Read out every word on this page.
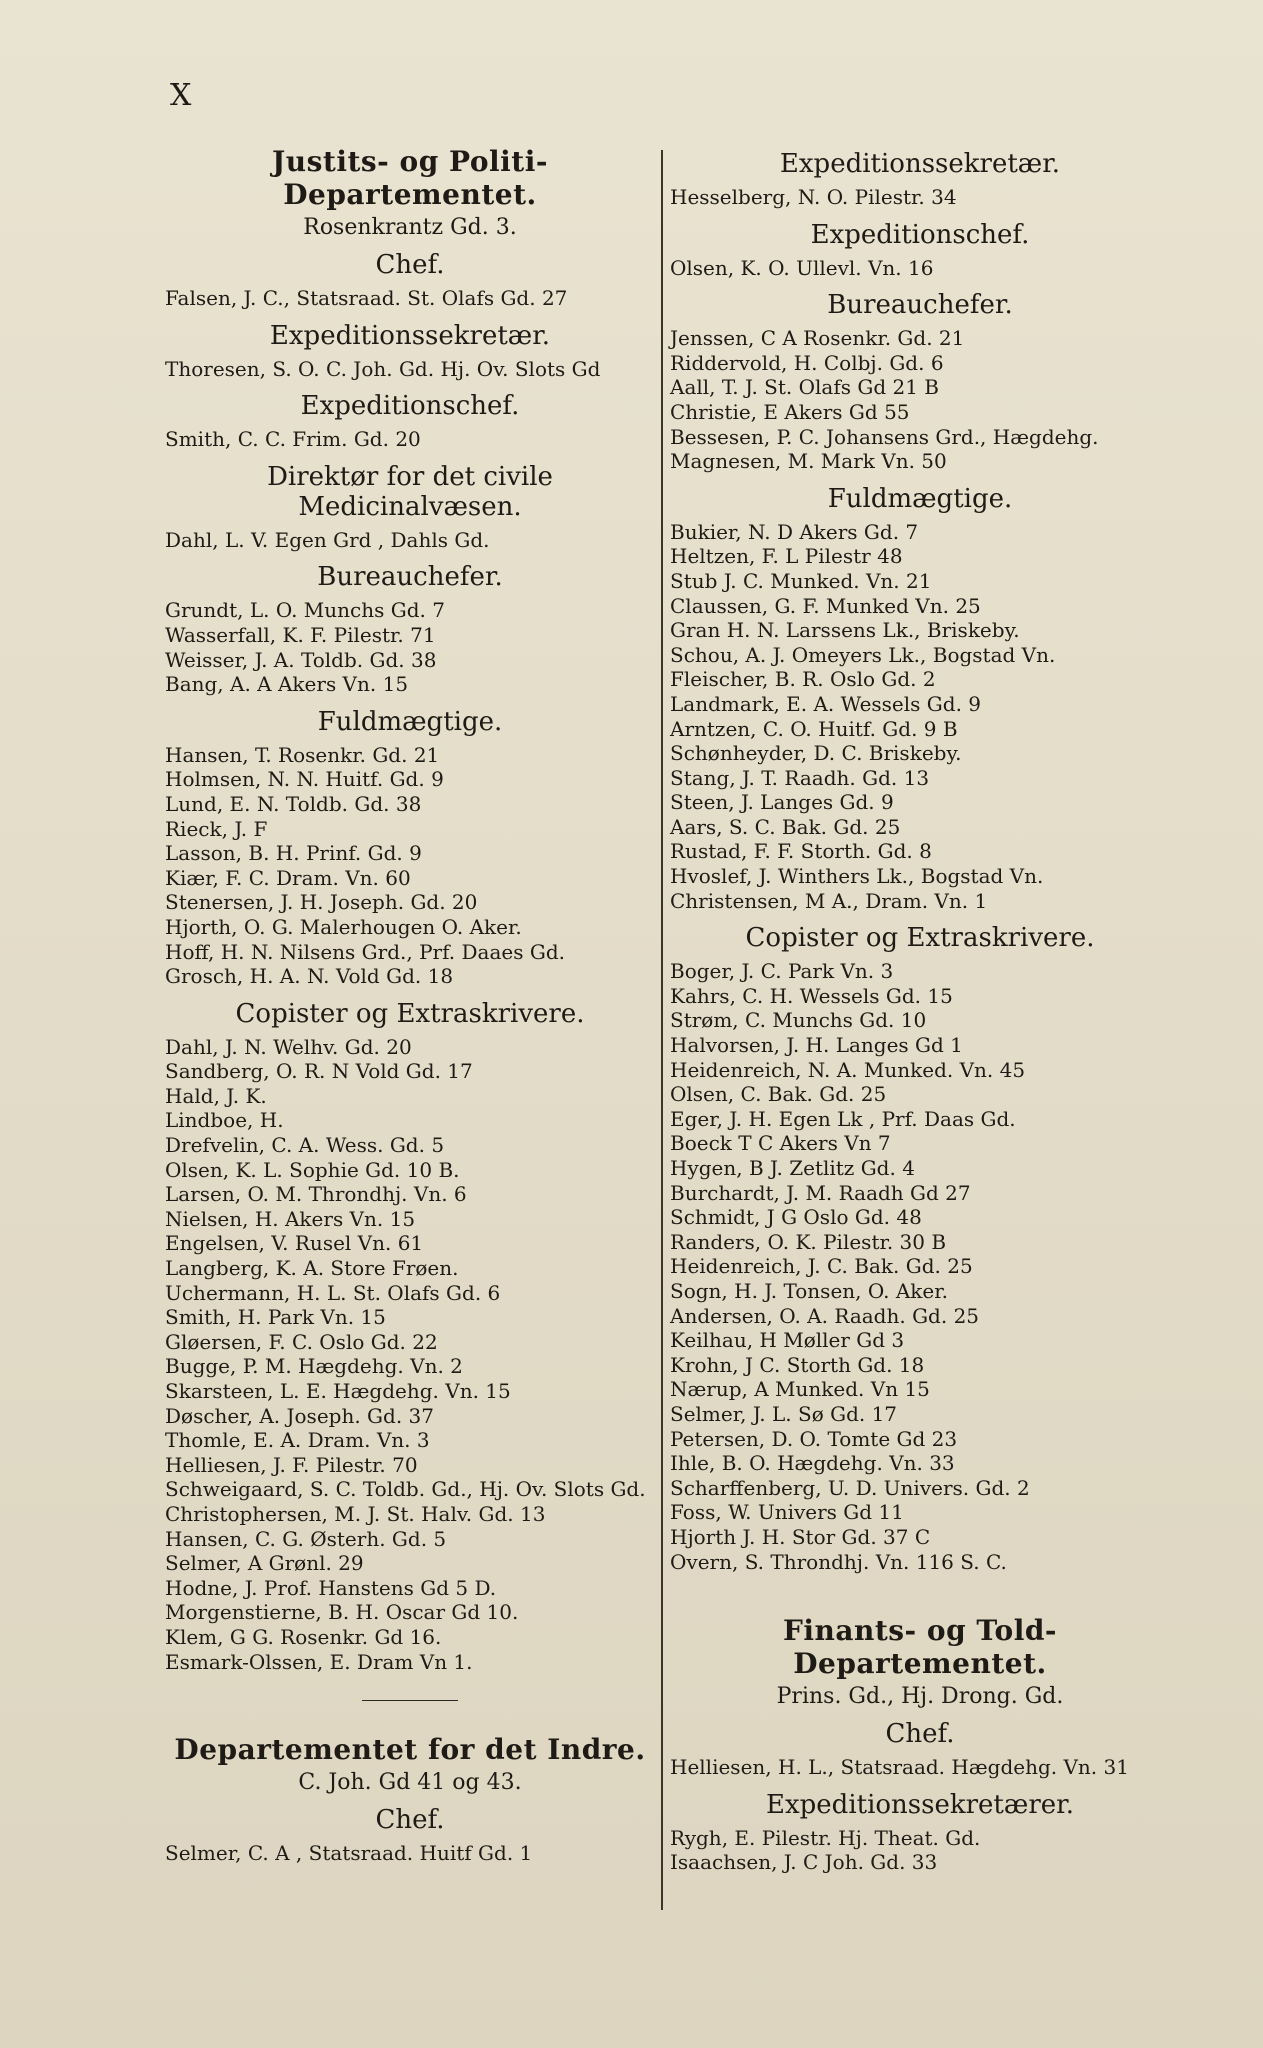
X
Justits- og Politi-Departementet.
Rosenkrantz Gd. 3.
Chef.
Falsen, J. C., Statsraad. St. Olafs Gd. 27
Expeditionssekretær.
Thoresen, S. O. C. Joh. Gd. Hj. Ov. Slots Gd
Expeditionschef.
Smith, C. C. Frim. Gd. 20
Direktør for det civile Medicinalvæsen.
Dahl, L. V. Egen Grd , Dahls Gd.
Bureauchefer.
Grundt, L. O. Munchs Gd. 7
Wasserfall, K. F. Pilestr. 71
Weisser, J. A. Toldb. Gd. 38
Bang, A. A Akers Vn. 15
Fuldmægtige.
Hansen, T. Rosenkr. Gd. 21
Holmsen, N. N. Huitf. Gd. 9
Lund, E. N. Toldb. Gd. 38
Rieck, J. F
Lasson, B. H. Prinf. Gd. 9
Kiær, F. C. Dram. Vn. 60
Stenersen, J. H. Joseph. Gd. 20
Hjorth, O. G. Malerhougen O. Aker.
Hoff, H. N. Nilsens Grd., Prf. Daaes Gd.
Grosch, H. A. N. Vold Gd. 18
Copister og Extraskrivere.
Dahl, J. N. Welhv. Gd. 20
Sandberg, O. R. N Vold Gd. 17
Hald, J. K.
Lindboe, H.
Drefvelin, C. A. Wess. Gd. 5
Olsen, K. L. Sophie Gd. 10 B.
Larsen, O. M. Throndhj. Vn. 6
Nielsen, H. Akers Vn. 15
Engelsen, V. Rusel Vn. 61
Langberg, K. A. Store Frøen.
Uchermann, H. L. St. Olafs Gd. 6
Smith, H. Park Vn. 15
Gløersen, F. C. Oslo Gd. 22
Bugge, P. M. Hægdehg. Vn. 2
Skarsteen, L. E. Hægdehg. Vn. 15
Døscher, A. Joseph. Gd. 37
Thomle, E. A. Dram. Vn. 3
Helliesen, J. F. Pilestr. 70
Schweigaard, S. C. Toldb. Gd., Hj. Ov. Slots Gd.
Christophersen, M. J. St. Halv. Gd. 13
Hansen, C. G. Østerh. Gd. 5
Selmer, A Grønl. 29
Hodne, J. Prof. Hanstens Gd 5 D.
Morgenstierne, B. H. Oscar Gd 10.
Klem, G G. Rosenkr. Gd 16.
Esmark-Olssen, E. Dram Vn 1.
Departementet for det Indre.
C. Joh. Gd 41 og 43.
Chef.
Selmer, C. A , Statsraad. Huitf Gd. 1
Expeditionssekretær.
Hesselberg, N. O. Pilestr. 34
Expeditionschef.
Olsen, K. O. Ullevl. Vn. 16
Bureauchefer.
Jenssen, C A Rosenkr. Gd. 21
Riddervold, H. Colbj. Gd. 6
Aall, T. J. St. Olafs Gd 21 B
Christie, E Akers Gd 55
Bessesen, P. C. Johansens Grd., Hægdehg.
Magnesen, M. Mark Vn. 50
Fuldmægtige.
Bukier, N. D Akers Gd. 7
Heltzen, F. L Pilestr 48
Stub J. C. Munked. Vn. 21
Claussen, G. F. Munked Vn. 25
Gran H. N. Larssens Lk., Briskeby.
Schou, A. J. Omeyers Lk., Bogstad Vn.
Fleischer, B. R. Oslo Gd. 2
Landmark, E. A. Wessels Gd. 9
Arntzen, C. O. Huitf. Gd. 9 B
Schønheyder, D. C. Briskeby.
Stang, J. T. Raadh. Gd. 13
Steen, J. Langes Gd. 9
Aars, S. C. Bak. Gd. 25
Rustad, F. F. Storth. Gd. 8
Hvoslef, J. Winthers Lk., Bogstad Vn.
Christensen, M A., Dram. Vn. 1
Copister og Extraskrivere.
Boger, J. C. Park Vn. 3
Kahrs, C. H. Wessels Gd. 15
Strøm, C. Munchs Gd. 10
Halvorsen, J. H. Langes Gd 1
Heidenreich, N. A. Munked. Vn. 45
Olsen, C. Bak. Gd. 25
Eger, J. H. Egen Lk , Prf. Daas Gd.
Boeck T C Akers Vn 7
Hygen, B J. Zetlitz Gd. 4
Burchardt, J. M. Raadh Gd 27
Schmidt, J G Oslo Gd. 48
Randers, O. K. Pilestr. 30 B
Heidenreich, J. C. Bak. Gd. 25
Sogn, H. J. Tonsen, O. Aker.
Andersen, O. A. Raadh. Gd. 25
Keilhau, H Møller Gd 3
Krohn, J C. Storth Gd. 18
Nærup, A Munked. Vn 15
Selmer, J. L. Sø Gd. 17
Petersen, D. O. Tomte Gd 23
Ihle, B. O. Hægdehg. Vn. 33
Scharffenberg, U. D. Univers. Gd. 2
Foss, W. Univers Gd 11
Hjorth J. H. Stor Gd. 37 C
Overn, S. Throndhj. Vn. 116 S. C.
Finants- og Told-Departementet.
Prins. Gd., Hj. Drong. Gd.
Chef.
Helliesen, H. L., Statsraad. Hægdehg. Vn. 31
Expeditionssekretærer.
Rygh, E. Pilestr. Hj. Theat. Gd.
Isaachsen, J. C Joh. Gd. 33
